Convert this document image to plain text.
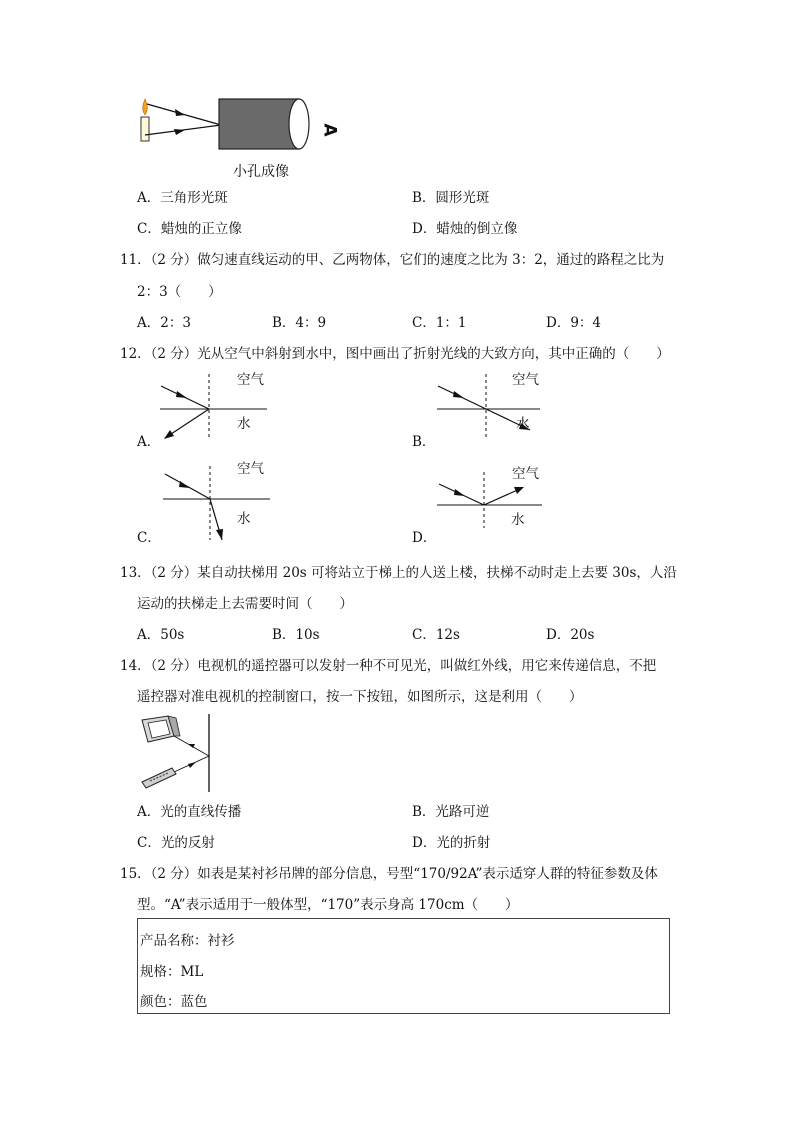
A
小孔成像
A．三角形光斑	B．圆形光斑
C．蜡烛的正立像	D．蜡烛的倒立像
11．（2 分）做匀速直线运动的甲、乙两物体，它们的速度之比为 3：2，通过的路程之比为
2：3（　　）
A．2：3	B．4：9	C．1：1	D．9：4
12．（2 分）光从空气中斜射到水中，图中画出了折射光线的大致方向，其中正确的（　　）
空气
水
A．
空气
水
B．
空气
水
C．
空气
水
D．
13．（2 分）某自动扶梯用 20s 可将站立于梯上的人送上楼，扶梯不动时走上去要 30s，人沿
运动的扶梯走上去需要时间（　　）
A．50s	B．10s	C．12s	D．20s
14．（2 分）电视机的遥控器可以发射一种不可见光，叫做红外线，用它来传递信息，不把
遥控器对准电视机的控制窗口，按一下按钮，如图所示，这是利用（　　）
A．光的直线传播	B．光路可逆
C．光的反射	D．光的折射
15．（2 分）如表是某衬衫吊牌的部分信息，号型“170/92A”表示适穿人群的特征参数及体
型。“A”表示适用于一般体型，“170”表示身高 170cm（　　）
产品名称：衬衫
规格：ML
颜色：蓝色
